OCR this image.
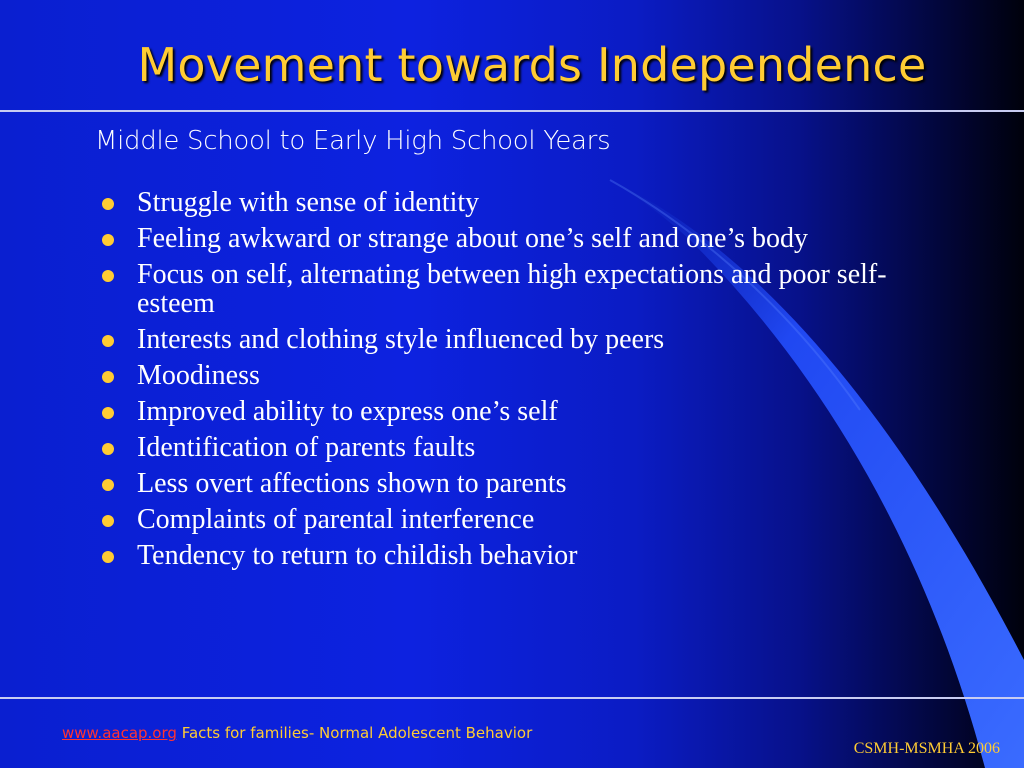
Movement towards Independence
Middle School to Early High School Years
Struggle with sense of identity
Feeling awkward or strange about one’s self and one’s body
Focus on self, alternating between high expectations and poor self-esteem
Interests and clothing style influenced by peers
Moodiness
Improved ability to express one’s self
Identification of parents faults
Less overt affections shown to parents
Complaints of parental interference
Tendency to return to childish behavior
www.aacap.org Facts for families- Normal Adolescent Behavior
CSMH-MSMHA 2006
